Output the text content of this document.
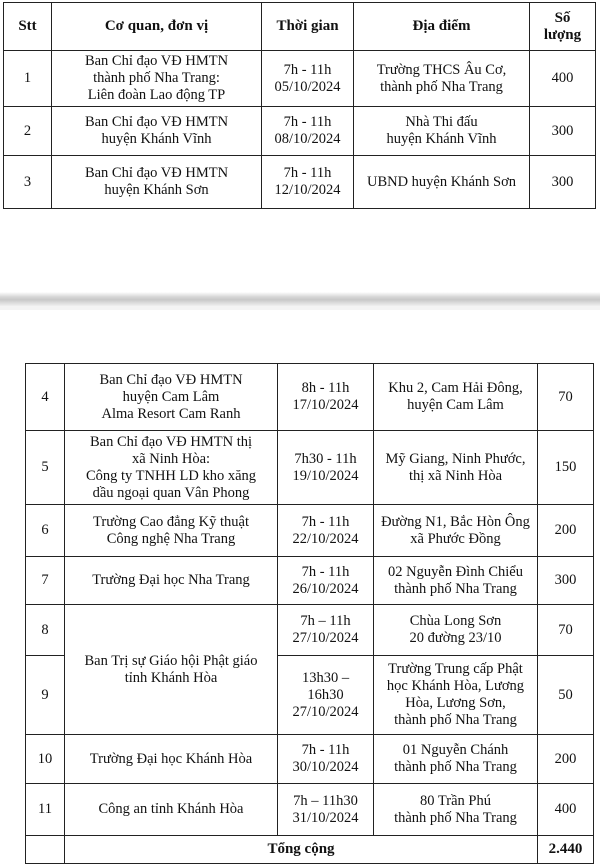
Stt	Cơ quan, đơn vị	Thời gian	Địa điểm	Số
lượng

1	Ban Chỉ đạo VĐ HMTN
thành phố Nha Trang:
Liên đoàn Lao động TP	7h - 11h
05/10/2024	Trường THCS Âu Cơ,
thành phố Nha Trang	400
2	Ban Chỉ đạo VĐ HMTN
huyện Khánh Vĩnh	7h - 11h
08/10/2024	Nhà Thi đấu
huyện Khánh Vĩnh	300
3	Ban Chỉ đạo VĐ HMTN
huyện Khánh Sơn	7h - 11h
12/10/2024	UBND huyện Khánh Sơn	300
4	Ban Chỉ đạo VĐ HMTN
huyện Cam Lâm
Alma Resort Cam Ranh	8h - 11h
17/10/2024	Khu 2, Cam Hải Đông,
huyện Cam Lâm	70
5	Ban Chỉ đạo VĐ HMTN thị
xã Ninh Hòa:
Công ty TNHH LD kho xăng
dầu ngoại quan Vân Phong	7h30 - 11h
19/10/2024	Mỹ Giang, Ninh Phước,
thị xã Ninh Hòa	150
6	Trường Cao đẳng Kỹ thuật
Công nghệ Nha Trang	7h - 11h
22/10/2024	Đường N1, Bắc Hòn Ông
xã Phước Đồng	200
7	Trường Đại học Nha Trang	7h - 11h
26/10/2024	02 Nguyễn Đình Chiểu
thành phố Nha Trang	300
8	Ban Trị sự Giáo hội Phật giáo
tỉnh Khánh Hòa	7h – 11h
27/10/2024	Chùa Long Sơn
20 đường 23/10	70
9		13h30 –
16h30
27/10/2024	Trường Trung cấp Phật
học Khánh Hòa, Lương
Hòa, Lương Sơn,
thành phố Nha Trang	50
10	Trường Đại học Khánh Hòa	7h - 11h
30/10/2024	01 Nguyễn Chánh
thành phố Nha Trang	200
11	Công an tỉnh Khánh Hòa	7h – 11h30
31/10/2024	80 Trần Phú
thành phố Nha Trang	400
	Tổng cộng			2.440
